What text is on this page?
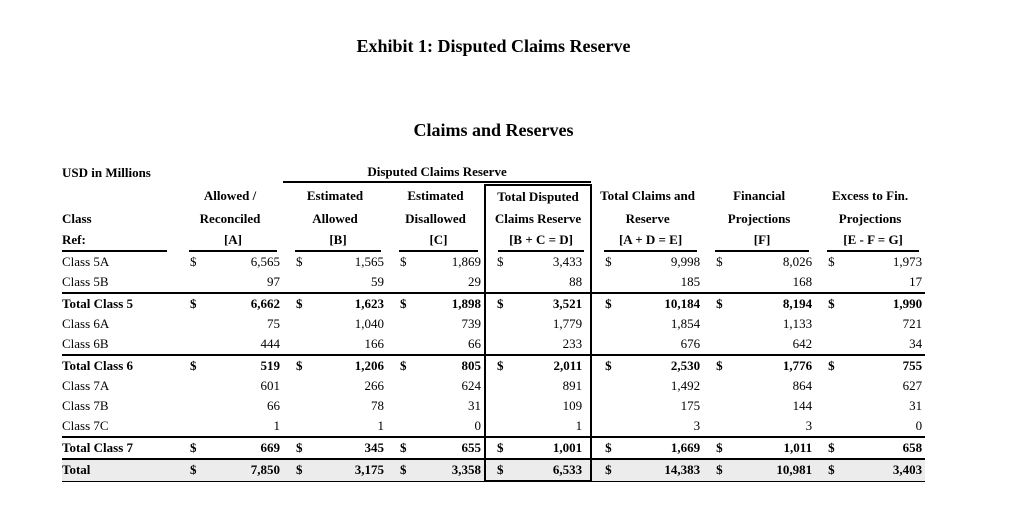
Exhibit 1: Disputed Claims Reserve
Claims and Reserves
USD in Millions			Disputed Claims Reserve											

	Allowed /		Estimated		Estimated		Total Disputed		Total Claims and		Financial		Excess to Fin.	
Class	Reconciled		Allowed		Disallowed		Claims Reserve		Reserve		Projections		Projections	

Ref:	[A]		[B]		[C]		[B + C = D]		[A + D = E]		[F]		[E - F = G]	

Class 5A	$	6,565	$	1,565	$	1,869	$	3,433	$	9,998	$	8,026	$	1,973
Class 5B		97		59		29		88		185		168		17
Total Class 5	$	6,662	$	1,623	$	1,898	$	3,521	$	10,184	$	8,194	$	1,990
Class 6A		75		1,040		739		1,779		1,854		1,133		721
Class 6B		444		166		66		233		676		642		34
Total Class 6	$	519	$	1,206	$	805	$	2,011	$	2,530	$	1,776	$	755
Class 7A		601		266		624		891		1,492		864		627
Class 7B		66		78		31		109		175		144		31
Class 7C		1		1		0		1		3		3		0
Total Class 7	$	669	$	345	$	655	$	1,001	$	1,669	$	1,011	$	658
Total	$	7,850	$	3,175	$	3,358	$	6,533	$	14,383	$	10,981	$	3,403
